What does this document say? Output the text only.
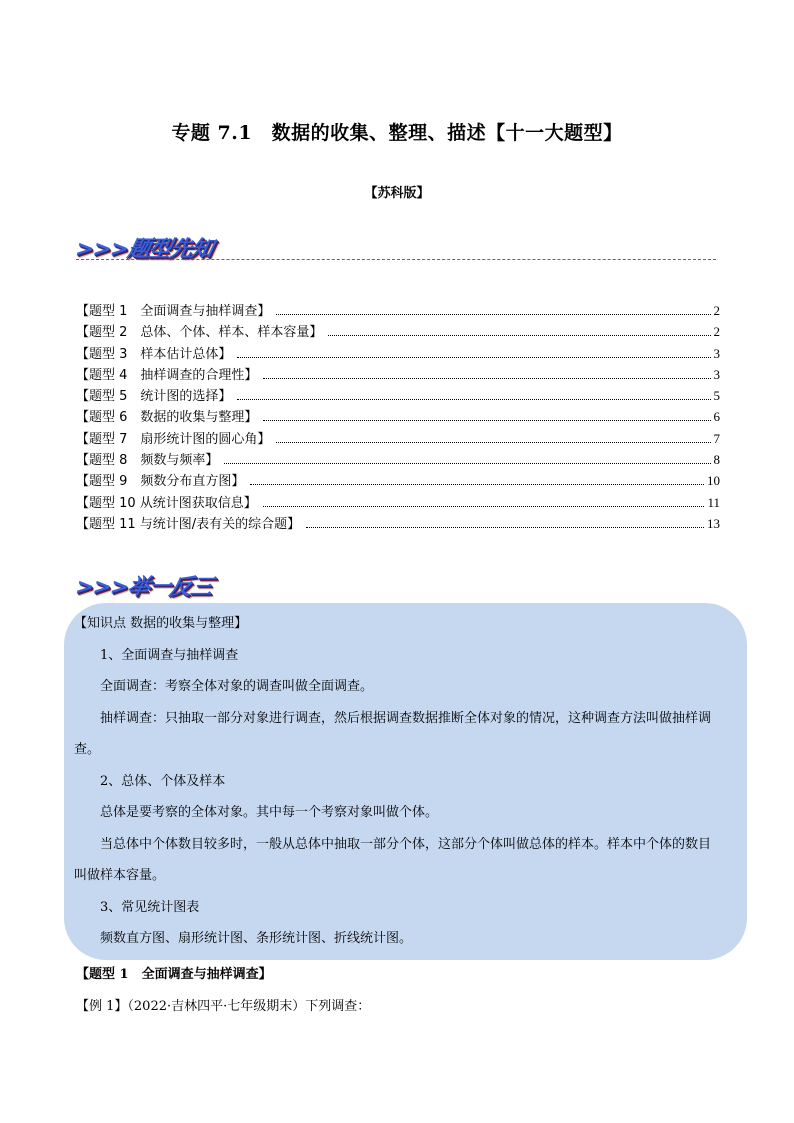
专题 7.1　数据的收集、整理、描述【十一大题型】
【苏科版】
>>>题型先知
【题型 1　全面调查与抽样调查】	2
【题型 2　总体、个体、样本、样本容量】	2
【题型 3　样本估计总体】	3
【题型 4　抽样调查的合理性】	3
【题型 5　统计图的选择】	5
【题型 6　数据的收集与整理】	6
【题型 7　扇形统计图的圆心角】	7
【题型 8　频数与频率】	8
【题型 9　频数分布直方图】	10
【题型 10 从统计图获取信息】	11
【题型 11 与统计图/表有关的综合题】	13
>>>举一反三

【知识点 数据的收集与整理】

1、全面调查与抽样调查

全面调查：考察全体对象的调查叫做全面调查。

抽样调查：只抽取一部分对象进行调查，然后根据调查数据推断全体对象的情况，这种调查方法叫做抽样调查。

2、总体、个体及样本

总体是要考察的全体对象。其中每一个考察对象叫做个体。

当总体中个体数目较多时，一般从总体中抽取一部分个体，这部分个体叫做总体的样本。样本中个体的数目叫做样本容量。

3、常见统计图表

频数直方图、扇形统计图、条形统计图、折线统计图。

【题型 1　全面调查与抽样调查】
【例 1】（2022·吉林四平·七年级期末）下列调查：
